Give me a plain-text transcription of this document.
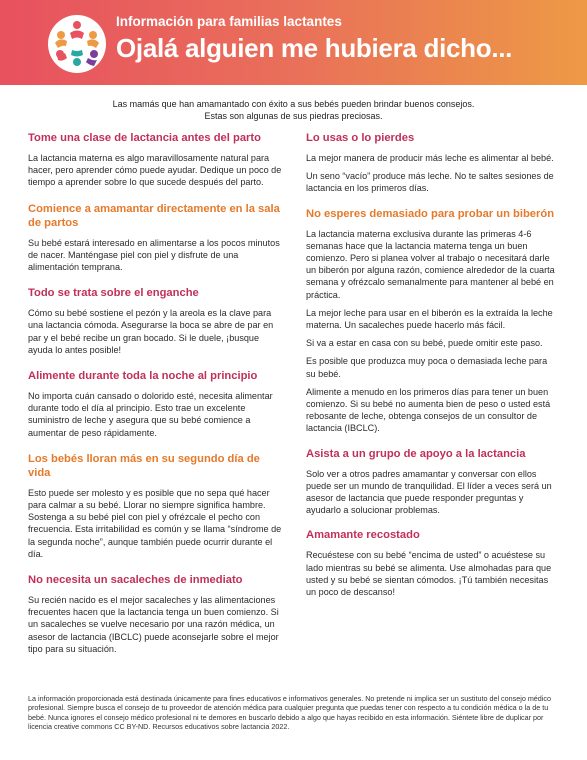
Información para familias lactantes
Ojalá alguien me hubiera dicho...
Las mamás que han amamantado con éxito a sus bebés pueden brindar buenos consejos.
Estas son algunas de sus piedras preciosas.
Tome una clase de lactancia antes del parto

La lactancia materna es algo maravillosamente natural para hacer, pero aprender cómo puede ayudar. Dedique un poco de tiempo a aprender sobre lo que sucede después del parto.

Comience a amamantar directamente en la sala de partos

Su bebé estará interesado en alimentarse a los pocos minutos de nacer. Manténgase piel con piel y disfrute de una alimentación temprana.

Todo se trata sobre el enganche

Cómo su bebé sostiene el pezón y la areola es la clave para una lactancia cómoda. Asegurarse la boca se abre de par en par y el bebé recibe un gran bocado. Si le duele, ¡busque ayuda lo antes posible!

Alimente durante toda la noche al principio

No importa cuán cansado o dolorido esté, necesita alimentar durante todo el día al principio. Esto trae un excelente suministro de leche y asegura que su bebé comience a aumentar de peso rápidamente.

Los bebés lloran más en su segundo día de vida

Esto puede ser molesto y es posible que no sepa qué hacer para calmar a su bebé. Llorar no siempre significa hambre. Sostenga a su bebé piel con piel y ofrézcale el pecho con frecuencia. Esta irritabilidad es común y se llama “síndrome de la segunda noche”, aunque también puede ocurrir durante el día.

No necesita un sacaleches de inmediato

Su recién nacido es el mejor sacaleches y las alimentaciones frecuentes hacen que la lactancia tenga un buen comienzo. Si un sacaleches se vuelve necesario por una razón médica, un asesor de lactancia (IBCLC) puede aconsejarle sobre el mejor tipo para su situación.

Lo usas o lo pierdes

La mejor manera de producir más leche es alimentar al bebé.

Un seno “vacío” produce más leche. No te saltes sesiones de lactancia en los primeros días.

No esperes demasiado para probar un biberón

La lactancia materna exclusiva durante las primeras 4-6 semanas hace que la lactancia materna tenga un buen comienzo. Pero si planea volver al trabajo o necesitará darle un biberón por alguna razón, comience alrededor de la cuarta semana y ofrézcalo semanalmente para mantener al bebé en práctica.

La mejor leche para usar en el biberón es la extraída la leche materna. Un sacaleches puede hacerlo más fácil.

Si va a estar en casa con su bebé, puede omitir este paso.

Es posible que produzca muy poca o demasiada leche para su bebé.

Alimente a menudo en los primeros días para tener un buen comienzo. Si su bebé no aumenta bien de peso o usted está rebosante de leche, obtenga consejos de un consultor de lactancia (IBCLC).

Asista a un grupo de apoyo a la lactancia

Solo ver a otros padres amamantar y conversar con ellos puede ser un mundo de tranquilidad. El líder a veces será un asesor de lactancia que puede responder preguntas y ayudarlo a solucionar problemas.

Amamante recostado

Recuéstese con su bebé “encima de usted” o acuéstese su lado mientras su bebé se alimenta. Use almohadas para que usted y su bebé se sientan cómodos. ¡Tú también necesitas un poco de descanso!

La información proporcionada está destinada únicamente para fines educativos e informativos generales. No pretende ni implica ser un sustituto del consejo médico profesional. Siempre busca el consejo de tu proveedor de atención médica para cualquier pregunta que puedas tener con respecto a tu condición médica o la de tu bebé. Nunca ignores el consejo médico profesional ni te demores en buscarlo debido a algo que hayas recibido en esta información. Siéntete libre de duplicar por licencia creative commons CC BY-ND. Recursos educativos sobre lactancia 2022.
